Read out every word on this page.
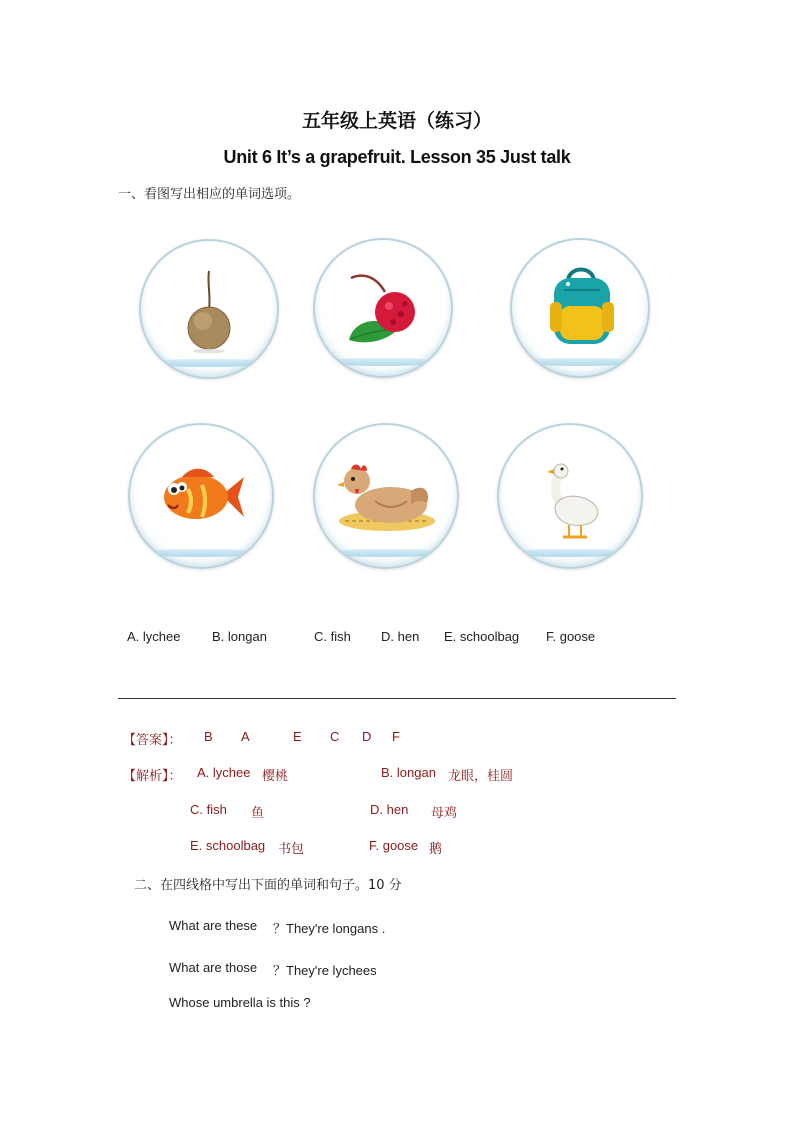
五年级上英语（练习）
Unit 6 It’s a grapefruit. Lesson 35 Just talk
一、看图写出相应的单词选项。
A. lychee B. longan	C. fish D. hen E. schoolbag F. goose
【答案】： B A	E C D F
【解析】： A. lychee 樱桃	B. longan 龙眼，桂圆
C. fish 鱼	D. hen 母鸡
E. schoolbag 书包	F. goose 鹅
二、在四线格中写出下面的单词和句子。10 分
What are these ？They're longans .
What are those ？They're lychees
Whose umbrella is this ?
